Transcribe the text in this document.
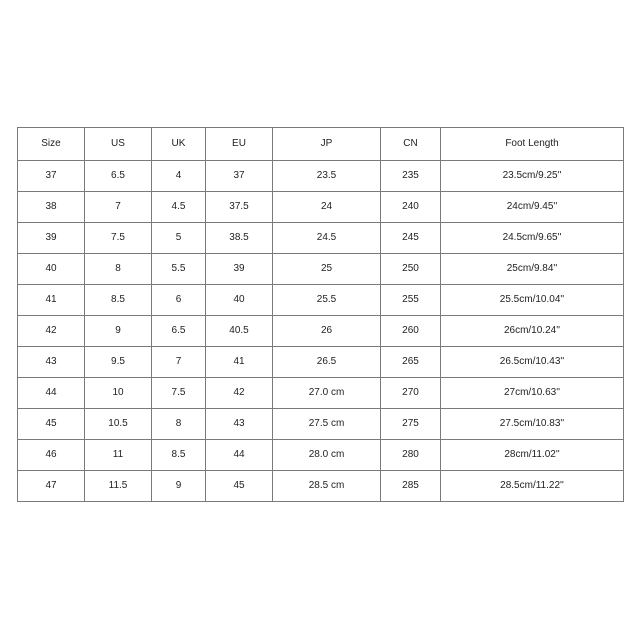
Size	US	UK	EU	JP	CN	Foot Length
37	6.5	4	37	23.5	235	23.5cm/9.25''
38	7	4.5	37.5	24	240	24cm/9.45''
39	7.5	5	38.5	24.5	245	24.5cm/9.65''
40	8	5.5	39	25	250	25cm/9.84''
41	8.5	6	40	25.5	255	25.5cm/10.04''
42	9	6.5	40.5	26	260	26cm/10.24''
43	9.5	7	41	26.5	265	26.5cm/10.43''
44	10	7.5	42	27.0 cm	270	27cm/10.63''
45	10.5	8	43	27.5 cm	275	27.5cm/10.83''
46	11	8.5	44	28.0 cm	280	28cm/11.02''
47	11.5	9	45	28.5 cm	285	28.5cm/11.22''
